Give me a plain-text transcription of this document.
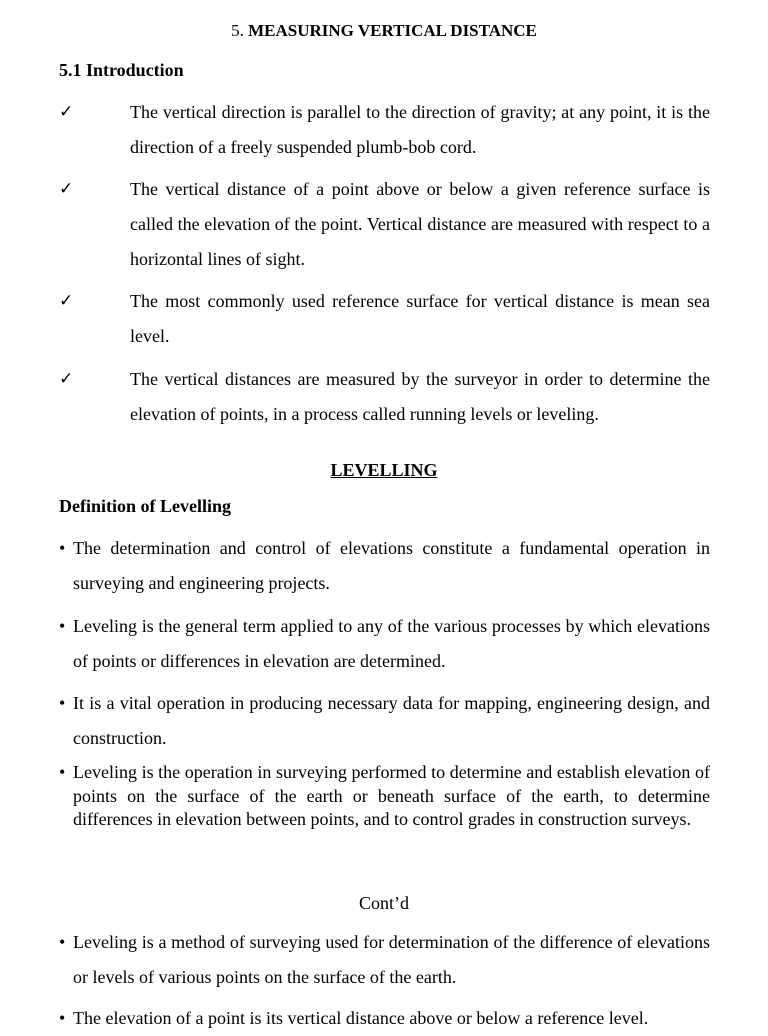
5. MEASURING VERTICAL DISTANCE
5.1 Introduction
✓	The vertical direction is parallel to the direction of gravity; at any point, it is the direction of a freely suspended plumb-bob cord.
✓	The vertical distance of a point above or below a given reference surface is called the elevation of the point. Vertical distance are measured with respect to a horizontal lines of sight.
✓	The most commonly used reference surface for vertical distance is mean sea level.
✓	The vertical distances are measured by the surveyor in order to determine the elevation of points, in a process called running levels or leveling.
LEVELLING
Definition of Levelling
• The determination and control of elevations constitute a fundamental operation in surveying and engineering projects.
• Leveling is the general term applied to any of the various processes by which elevations of points or differences in elevation are determined.
• It is a vital operation in producing necessary data for mapping, engineering design, and construction.
• Leveling is the operation in surveying performed to determine and establish elevation of points on the surface of the earth or beneath surface of the earth, to determine differences in elevation between points, and to control grades in construction surveys.
Cont’d
• Leveling is a method of surveying used for determination of the difference of elevations or levels of various points on the surface of the earth.
• The elevation of a point is its vertical distance above or below a reference level.
